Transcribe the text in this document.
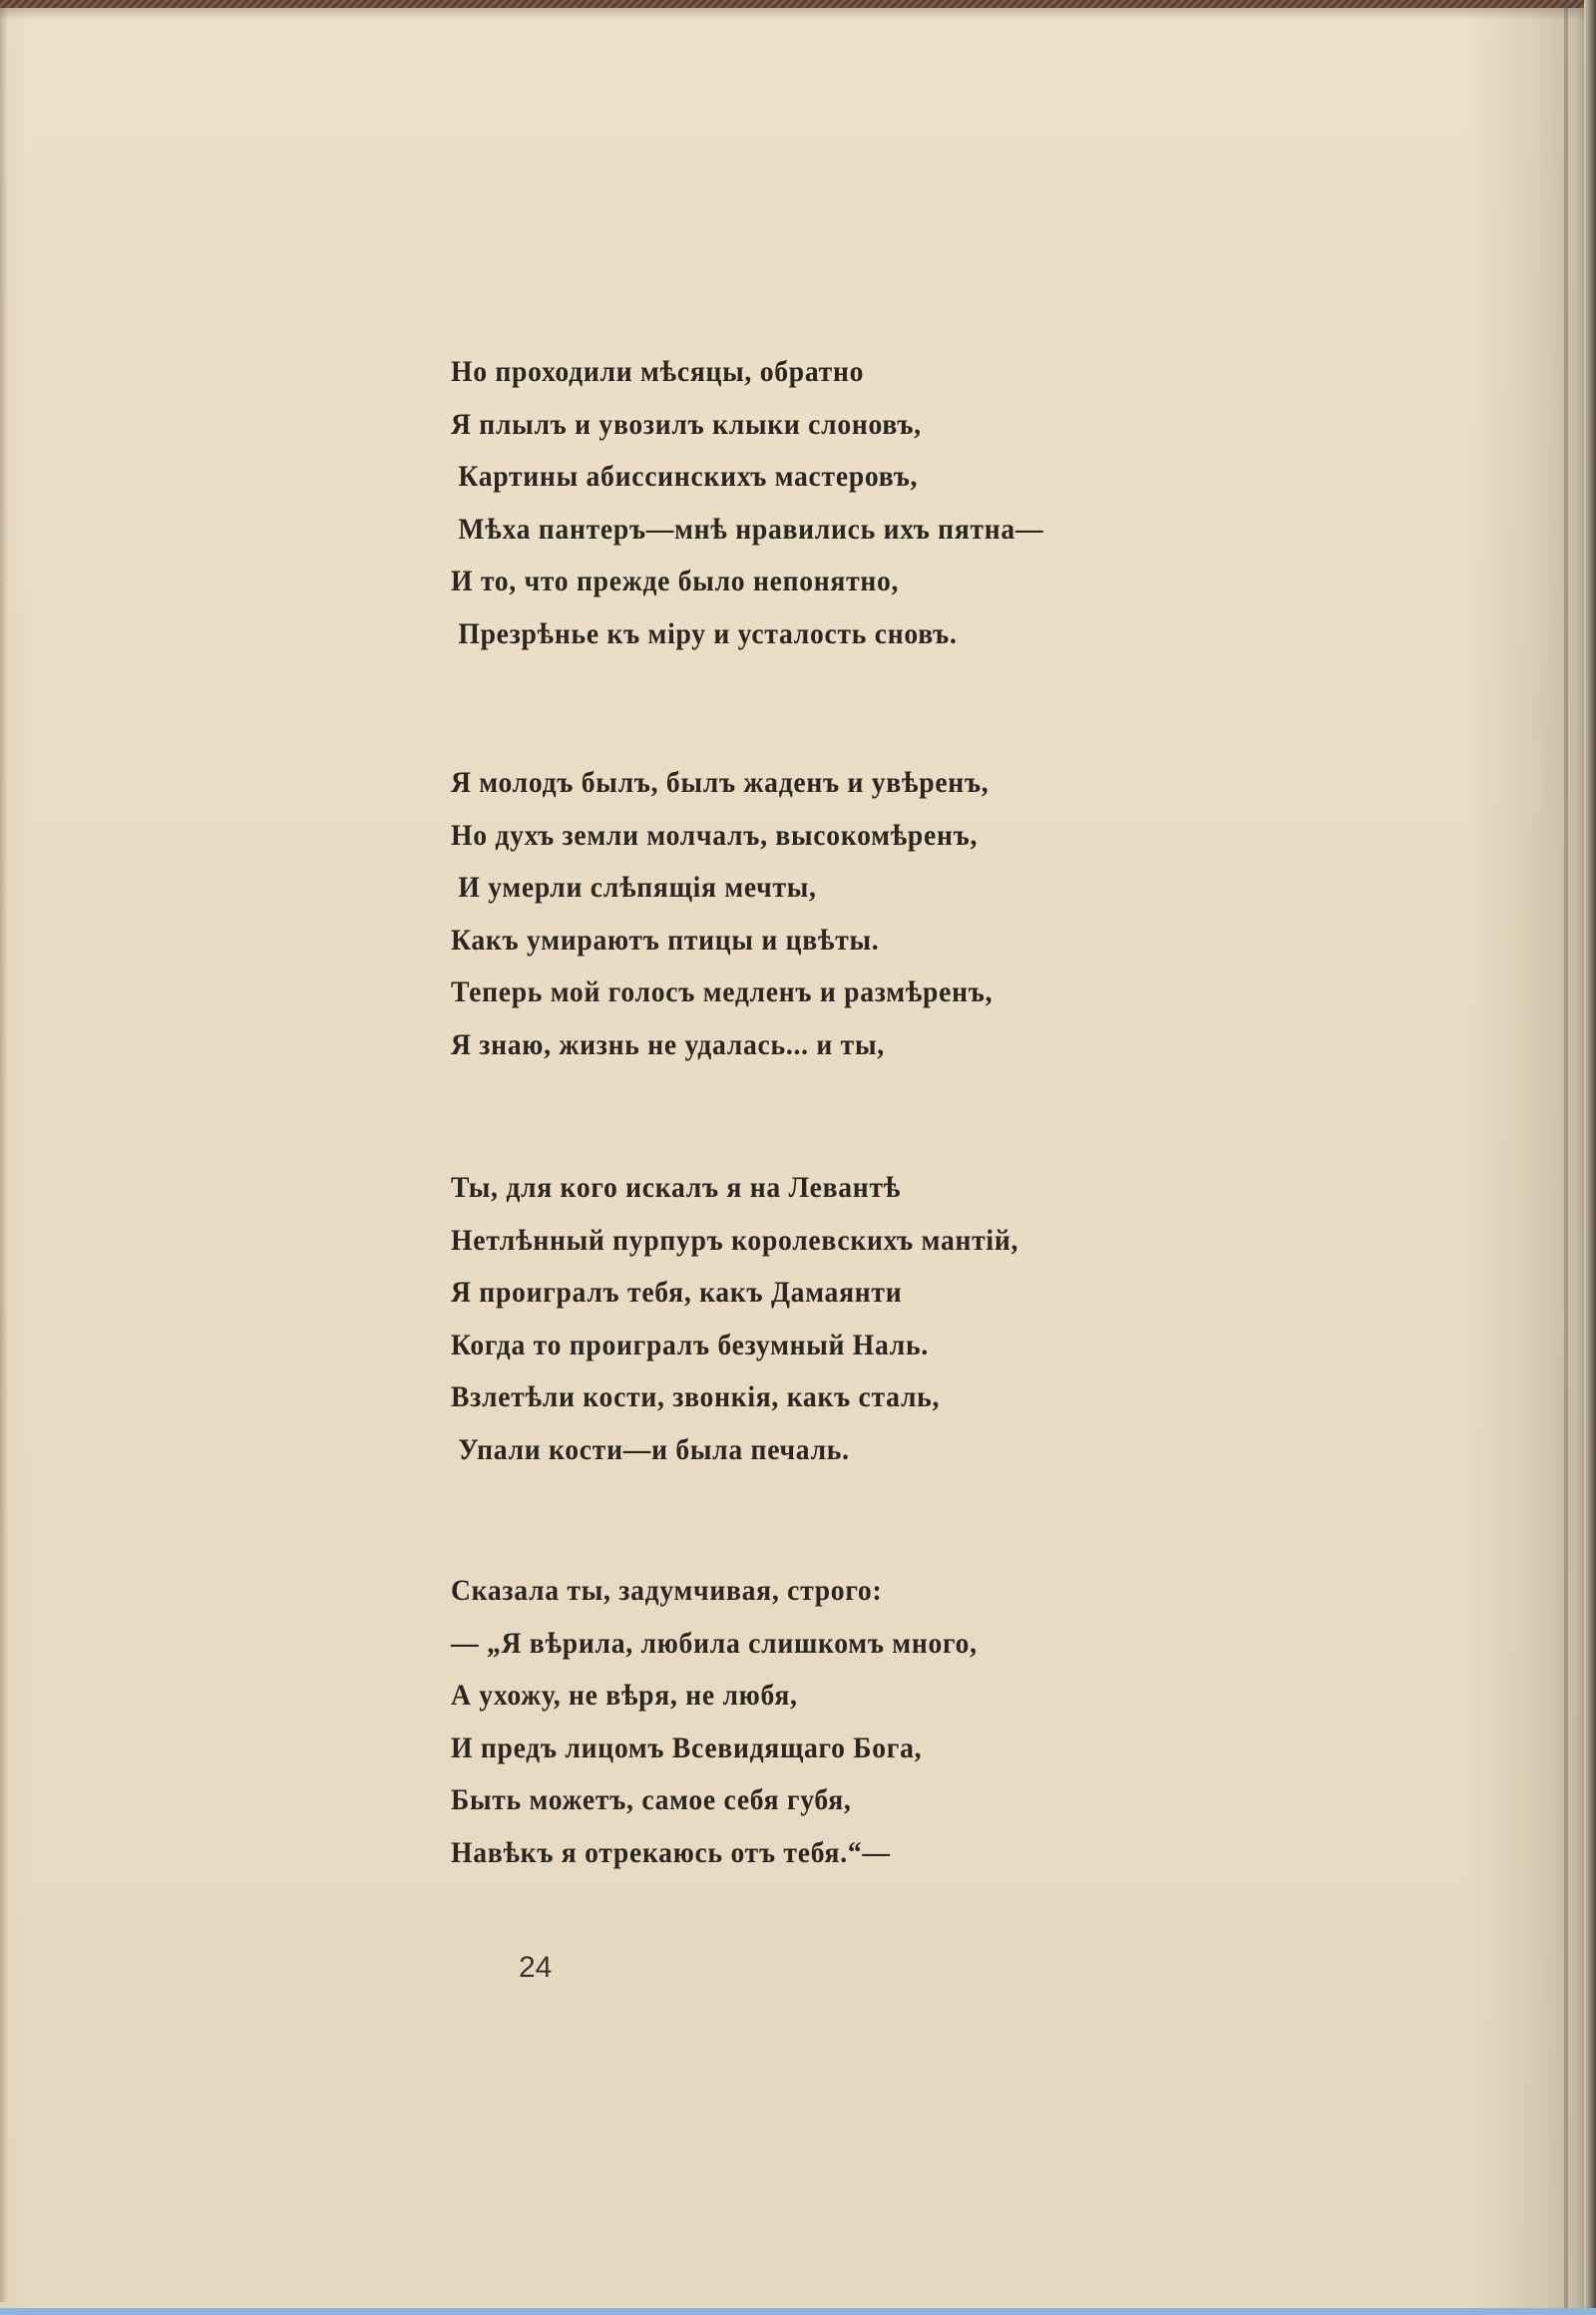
Но проходили мѣсяцы, обратно
Я плылъ и увозилъ клыки слоновъ,
Картины абиссинскихъ мастеровъ,
Мѣха пантеръ—мнѣ нравились ихъ пятна—
И то, что прежде было непонятно,
Презрѣнье къ міру и усталость сновъ.
Я молодъ былъ, былъ жаденъ и увѣренъ,
Но духъ земли молчалъ, высокомѣренъ,
И умерли слѣпящія мечты,
Какъ умираютъ птицы и цвѣты.
Теперь мой голосъ медленъ и размѣренъ,
Я знаю, жизнь не удалась... и ты,
Ты, для кого искалъ я на Левантѣ
Нетлѣнный пурпуръ королевскихъ мантій,
Я проигралъ тебя, какъ Дамаянти
Когда то проигралъ безумный Наль.
Взлетѣли кости, звонкія, какъ сталь,
Упали кости—и была печаль.
Сказала ты, задумчивая, строго:
— „Я вѣрила, любила слишкомъ много,
А ухожу, не вѣря, не любя,
И предъ лицомъ Всевидящаго Бога,
Быть можетъ, самое себя губя,
Навѣкъ я отрекаюсь отъ тебя.“—
24
